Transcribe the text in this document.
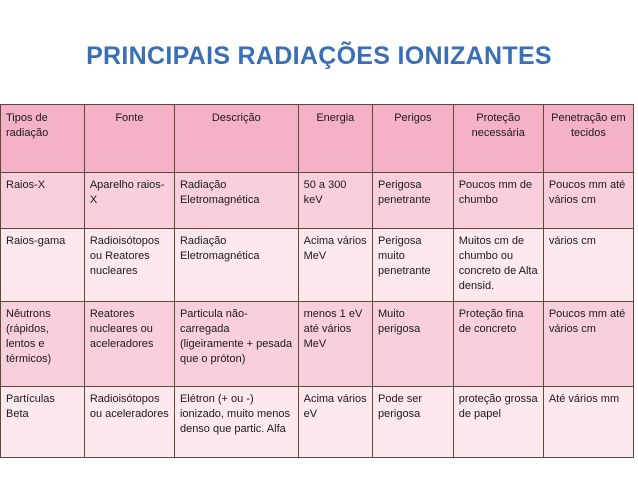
PRINCIPAIS RADIAÇÕES IONIZANTES
Tipos de radiação	Fonte	Descrição	Energia	Perigos	Proteção necessária	Penetração em tecidos
Raios-X	Aparelho raios-X	Radiação Eletromagnética	50 a 300 keV	Perigosa penetrante	Poucos mm de chumbo	Poucos mm até vários cm
Raios-gama	Radioisótopos ou Reatores nucleares	Radiação Eletromagnética	Acima vários MeV	Perigosa muito penetrante	Muitos cm de chumbo ou concreto de Alta densid.	vários cm
Nêutrons (rápidos, lentos e térmicos)	Reatores nucleares ou aceleradores	Particula não-carregada (ligeiramente + pesada que o próton)	menos 1 eV até vários MeV	Muito perigosa	Proteção fina de concreto	Poucos mm até vários cm
Partículas Beta	Radioisótopos ou aceleradores	Elétron (+ ou -) ionizado, muito menos denso que partic. Alfa	Acima vários eV	Pode ser perigosa	proteção grossa de papel	Até vários mm
